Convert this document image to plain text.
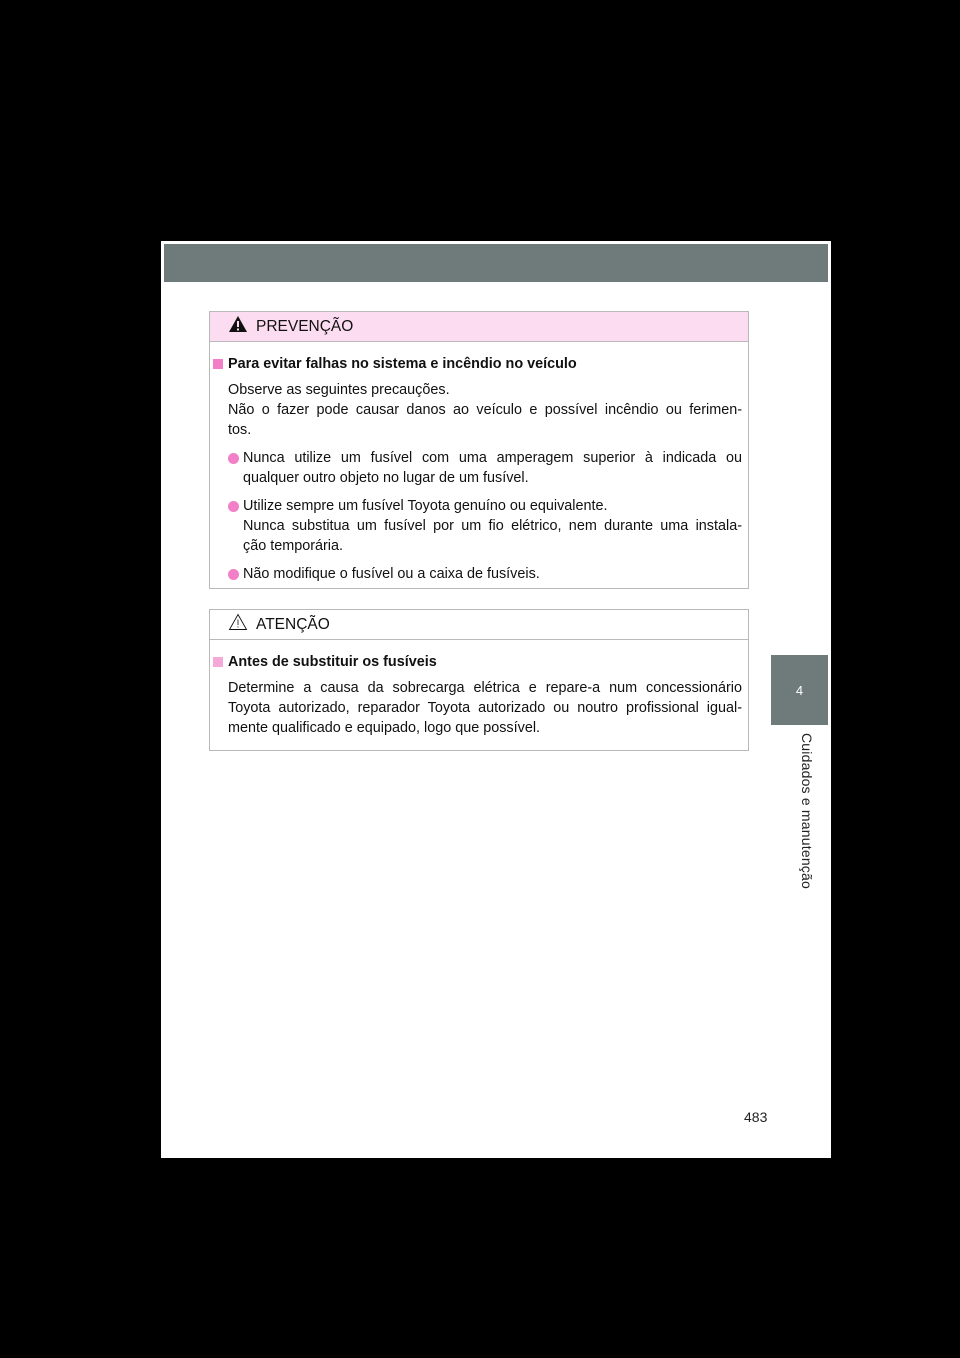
PREVENÇÃO
Para evitar falhas no sistema e incêndio no veículo
Observe as seguintes precauções.
Não o fazer pode causar danos ao veículo e possível incêndio ou ferimen-
tos.
Nunca utilize um fusível com uma amperagem superior à indicada ou
qualquer outro objeto no lugar de um fusível.
Utilize sempre um fusível Toyota genuíno ou equivalente.
Nunca substitua um fusível por um fio elétrico, nem durante uma instala-
ção temporária.
Não modifique o fusível ou a caixa de fusíveis.
ATENÇÃO
Antes de substituir os fusíveis
Determine a causa da sobrecarga elétrica e repare-a num concessionário
Toyota autorizado, reparador Toyota autorizado ou noutro profissional igual-
mente qualificado e equipado, logo que possível.
4
Cuidados e manutenção
483
